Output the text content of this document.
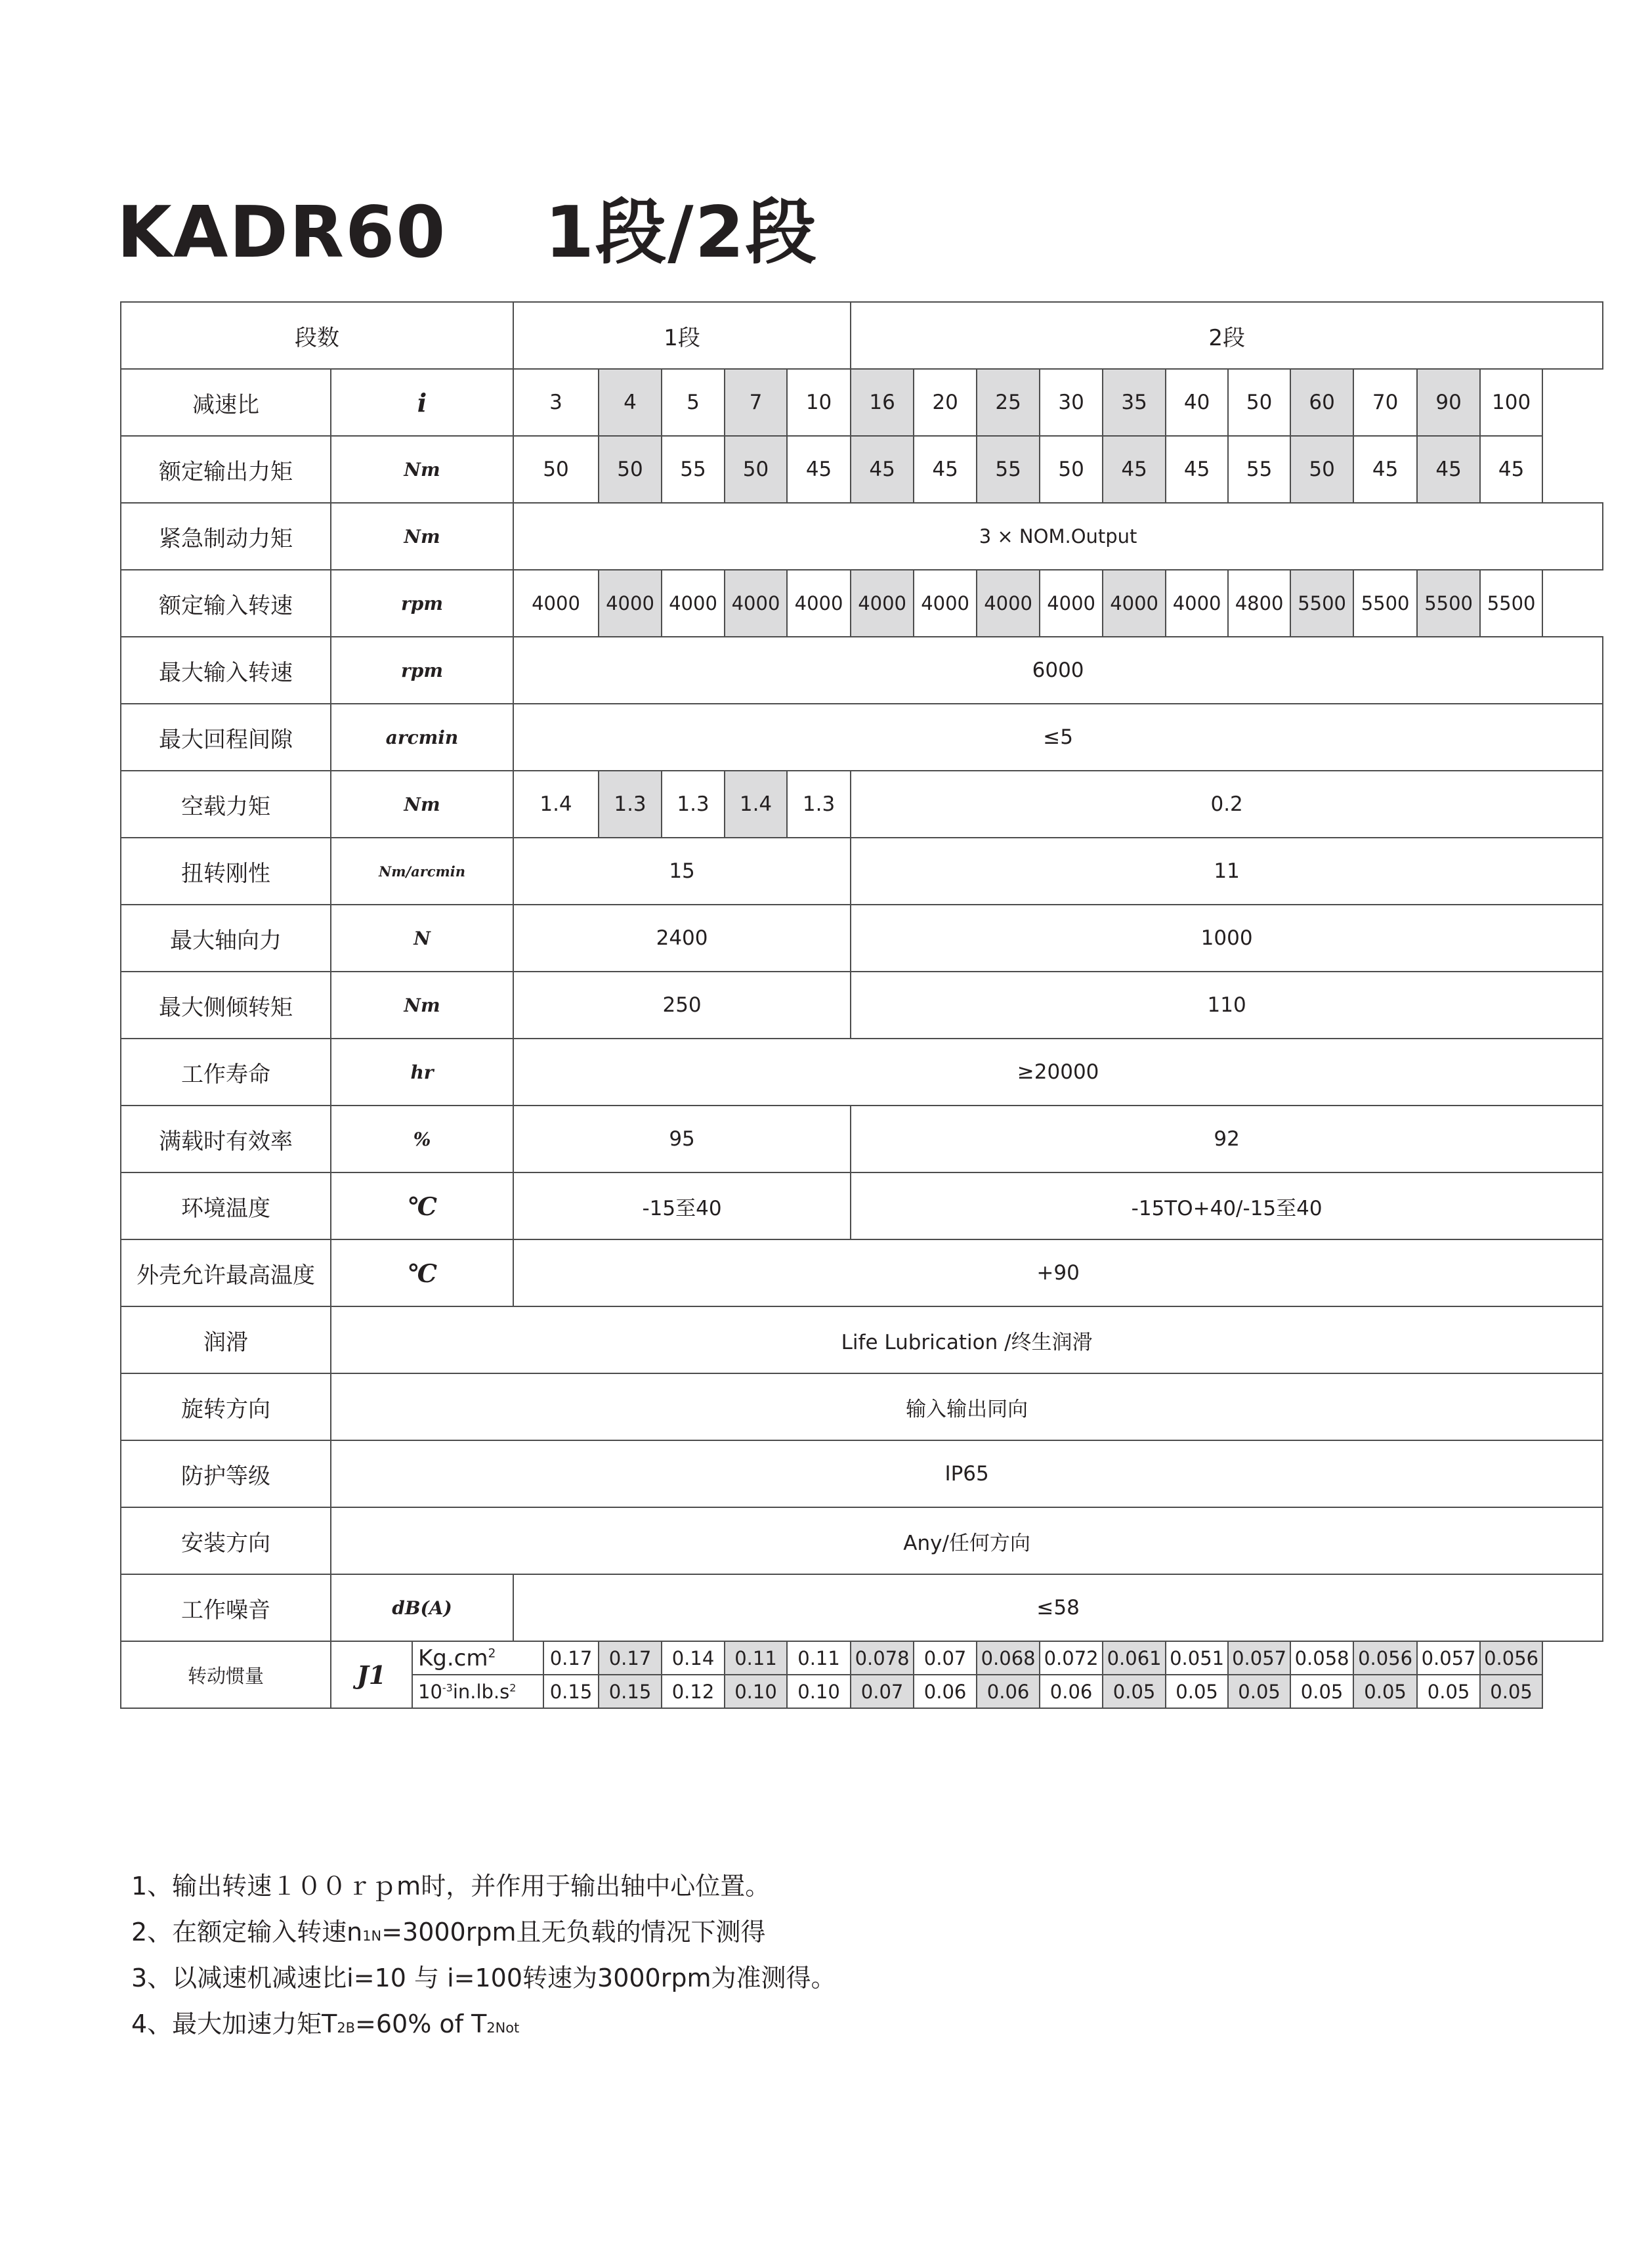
KADR60　 1段/2段
段数			1段						2段										
减速比	i		3		4	5	7	10	16	20	25	30	35	40	50	60	70	90	100
额定输出力矩	Nm		50		50	55	50	45	45	45	55	50	45	45	55	50	45	45	45
紧急制动力矩	Nm		3 × NOM.Output																
额定输入转速	rpm		4000		4000	4000	4000	4000	4000	4000	4000	4000	4000	4000	4800	5500	5500	5500	5500
最大输入转速	rpm		6000																
最大回程间隙	arcmin		≤5																
空载力矩	Nm		1.4		1.3	1.3	1.4	1.3	0.2										
扭转刚性	Nm/arcmin		15						11										
最大轴向力	N		2400						1000										
最大侧倾转矩	Nm		250						110										
工作寿命	hr		≥20000																
满载时有效率	%		95						92										
环境温度	℃		-15至40						-15TO+40/-15至40										
外壳允许最高温度	℃		+90																
润滑	Life Lubrication /终生润滑																		
旋转方向	输入输出同向																		
防护等级	IP65																		
安装方向	Any/任何方向																		
工作噪音	dB(A)		≤58																
转动惯量	J1	$Kg.cm^2$		0.17	0.17	0.14	0.11	0.11	0.078	0.07	0.068	0.072	0.061	0.051	0.057	0.058	0.056	0.057	0.056
		$10^{-3}in.lb.s^2$		0.15	0.15	0.12	0.10	0.10	0.07	0.06	0.06	0.06	0.05	0.05	0.05	0.05	0.05	0.05	0.05
1、输出转速１００ｒｐm时，并作用于输出轴中心位置。
2、在额定输入转速n1N=3000rpm且无负载的情况下测得
3、以减速机减速比i=10 与 i=100转速为3000rpm为准测得。
4、最大加速力矩T2B=60% of T2Not
